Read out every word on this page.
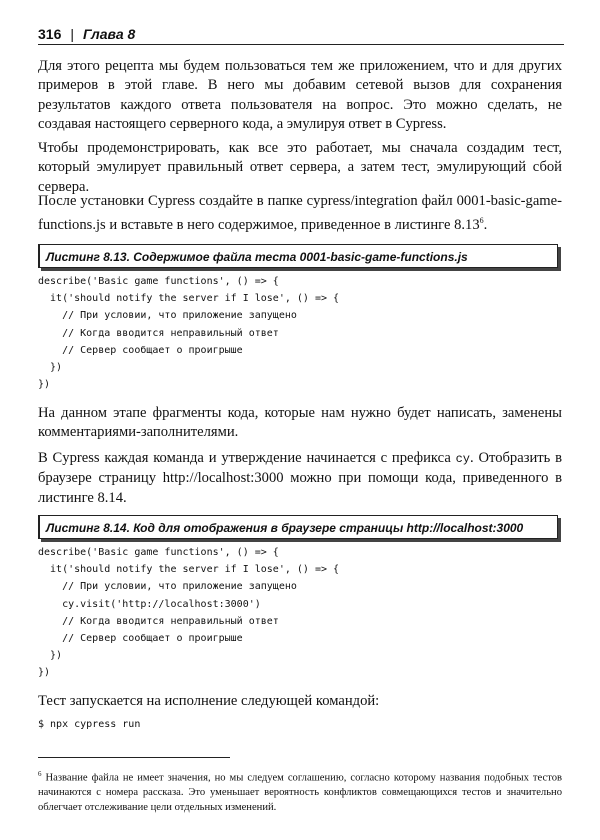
316 | Глава 8

Для этого рецепта мы будем пользоваться тем же приложением, что и для других примеров в этой главе. В него мы добавим сетевой вызов для сохранения результатов каждого ответа пользователя на вопрос. Это можно сделать, не создавая настоящего серверного кода, а эмулируя ответ в Cypress.

Чтобы продемонстрировать, как все это работает, мы сначала создадим тест, который эмулирует правильный ответ сервера, а затем тест, эмулирующий сбой сервера.

После установки Cypress создайте в папке cypress/integration файл 0001-basic-game-functions.js и вставьте в него содержимое, приведенное в листинге 8.13$^6$.

Листинг 8.13. Содержимое файла теста 0001-basic-game-functions.js
describe('Basic game functions', () => {
it('should notify the server if I lose', () => {
// При условии, что приложение запущено
// Когда вводится неправильный ответ
// Сервер сообщает о проигрыше
})
})

На данном этапе фрагменты кода, которые нам нужно будет написать, заменены комментариями-заполнителями.

В Cypress каждая команда и утверждение начинается с префикса cy. Отобразить в браузере страницу http://localhost:3000 можно при помощи кода, приведенного в листинге 8.14.

Листинг 8.14. Код для отображения в браузере страницы http://localhost:3000
describe('Basic game functions', () => {
it('should notify the server if I lose', () => {
// При условии, что приложение запущено
cy.visit('http://localhost:3000')
// Когда вводится неправильный ответ
// Сервер сообщает о проигрыше
})
})

Тест запускается на исполнение следующей командой:

$ npx cypress run
$^6$ Название файла не имеет значения, но мы следуем соглашению, согласно которому названия подобных тестов начинаются с номера рассказа. Это уменьшает вероятность конфликтов совмещающихся тестов и значительно облегчает отслеживание цели отдельных изменений.
